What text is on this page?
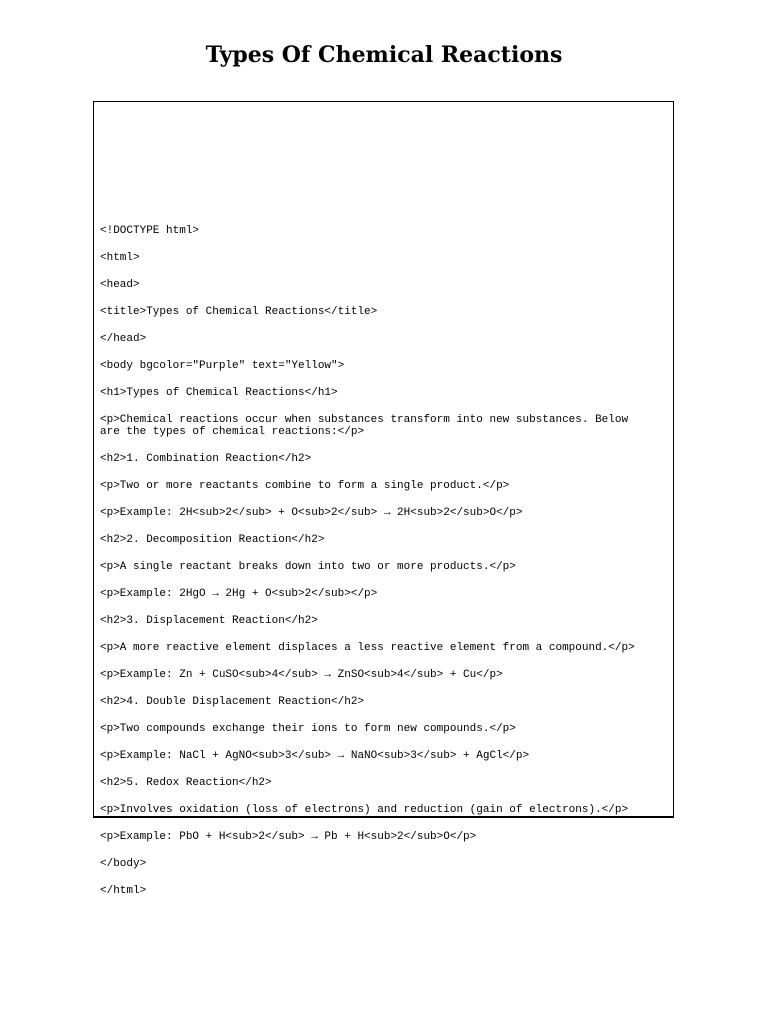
Types Of Chemical Reactions
<!DOCTYPE html>
<html>
<head>
<title>Types of Chemical Reactions</title>
</head>
<body bgcolor="Purple" text="Yellow">
<h1>Types of Chemical Reactions</h1>
<p>Chemical reactions occur when substances transform into new substances. Below
are the types of chemical reactions:</p>
<h2>1. Combination Reaction</h2>
<p>Two or more reactants combine to form a single product.</p>
<p>Example: 2H<sub>2</sub> + O<sub>2</sub> → 2H<sub>2</sub>O</p>
<h2>2. Decomposition Reaction</h2>
<p>A single reactant breaks down into two or more products.</p>
<p>Example: 2HgO → 2Hg + O<sub>2</sub></p>
<h2>3. Displacement Reaction</h2>
<p>A more reactive element displaces a less reactive element from a compound.</p>
<p>Example: Zn + CuSO<sub>4</sub> → ZnSO<sub>4</sub> + Cu</p>
<h2>4. Double Displacement Reaction</h2>
<p>Two compounds exchange their ions to form new compounds.</p>
<p>Example: NaCl + AgNO<sub>3</sub> → NaNO<sub>3</sub> + AgCl</p>
<h2>5. Redox Reaction</h2>
<p>Involves oxidation (loss of electrons) and reduction (gain of electrons).</p>
<p>Example: PbO + H<sub>2</sub> → Pb + H<sub>2</sub>O</p>
</body>
</html>
